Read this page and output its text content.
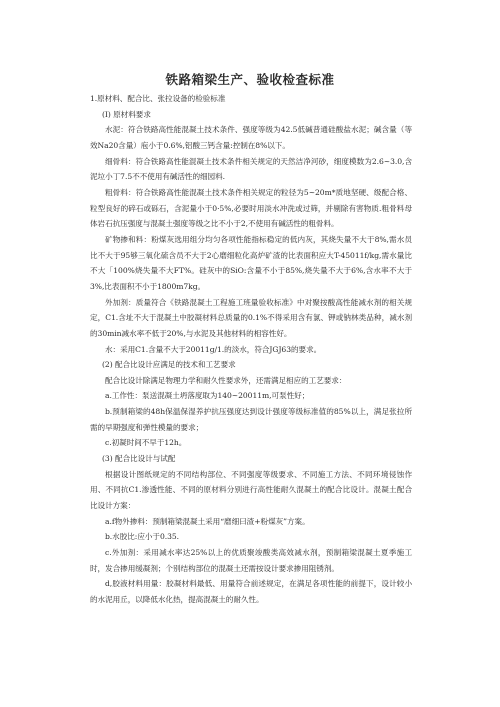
铁路箱梁生产、验收检查标准

1.原材料、配合比、张拉设备的检验标准

(I) 原材料要求

水泥：符合铁路高性能混凝土技术条件、强度等级为42.5低碱普通硅酸盐水泥；碱含量（等效Na20含量）庖小于0.6%,铝酸三钙含量:控制在8%以下。

细骨料：符合铁路高性能混凝土技术条件相关规定的天然洁净河砂，细度模数为2.6~3.0,含泥垃小丁7.5不不使用有碱活性的细园料.

粗骨料：符合铁路高性能混凝土技术条件相关规定的粒径为5~20m*质地坚硬、级配合格、粒型良好的碎石或砾石，含泥量小于0·5%,必要时用淡水冲洗或过筛，并剔除有害物质.粗骨料母体岩石抗压强度与混凝土强度等级之比不小于2,不使用有碱活性的粗骨料。

矿物掺和料：粉煤灰选用组分均匀各项性能指标稳定的低内灰，其烧失量不大于8%,需水员比不大于95够三氧化硫含员不大于2心磨细粒化高炉矿渣的比表面积应大T-45011f/kg,需水量比不大「100%烧失量不大FT%。硅灰中的SiO:含量不小于85%,烧失量不大于6%,含水率不大于3%,比表面积不小于1800m7kg。

外加剂：质量符合《铁路混凝土工程施工班量验收标准》中对聚按酸高性能减水剂的相关规定，C1.含址不大于混凝土中胶凝材料总质量的0.1%不得采用含有氯、钾或钠林类品种，减水剂的30min减水率不低于20%,与水泥及其他材料的相容性好。

水：采用C1.含量不大于20011ɡ∕1.的淡水，符合JGJ63的要求。

(2) 配合比设计应满足的技术和工艺要求

配合比设计除满足物理力学和耐久性要求外，还需满足相应的工艺要求：

a.工作性：泵送混凝土坍落度取为140~20011m,可泵性好；

b.预制箱梁的48h保温保湿养护抗压强度达到设计强度等级标准值的85%以上，满足张拉所需的早期强度和弹性模量的要求；

c.初凝时间不早于12h。

(3) 配合比设计与试配

根据设计图纸规定的不同结构部位、不同强度等级要求、不同施工方法、不同环境侵蚀作用、不同抗C1.渗透性能、不同的原材料分别进行高性能耐久混凝土的配合比设计。混凝土配合比设计方案：

a.f物外掺料：预制箱梁混凝土采用“磨细曰渣+粉煤灰”方案。

b.水胶比:应小于0.35.

c.外加剂：采用减水率达25%以上的优质聚竣酸类高效减水剂，预制箱梁混凝土夏季施工时，发合掺用缓凝剂；个别结构部位的混凝土还需按设计要求掺用阻锈剂。

d,胶液材料用量：胶凝材料最低、用量符合前述规定，在满足各项性能的前提下，设计较小的水泥用丘，以降低水化热，提高混凝土的耐久性。
